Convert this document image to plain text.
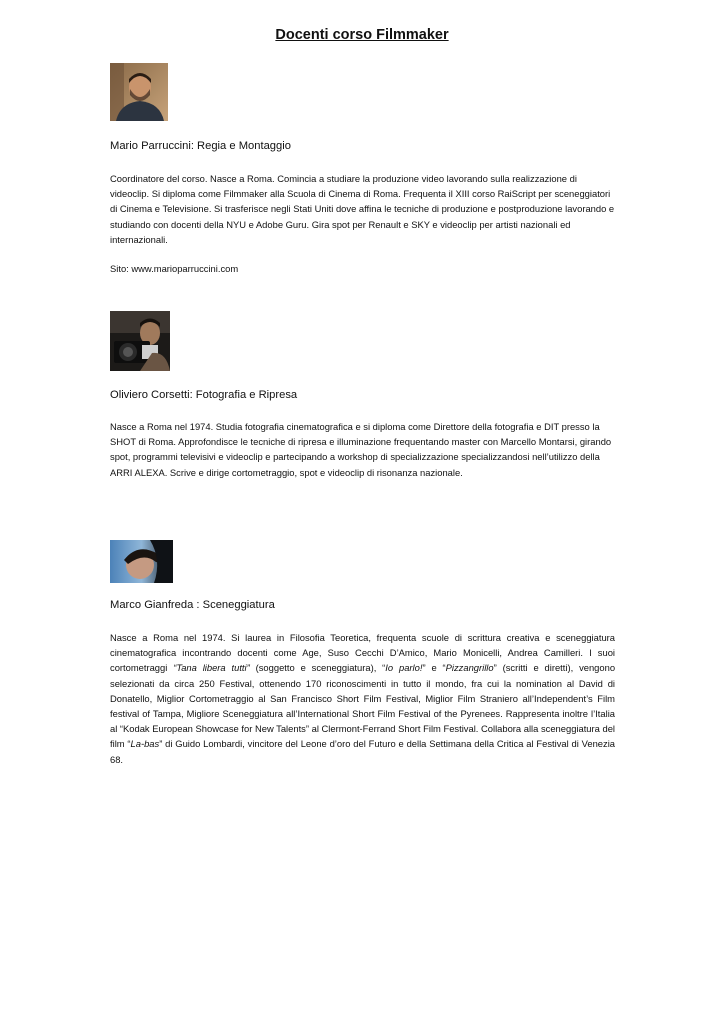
Docenti corso Filmmaker
Mario Parruccini: Regia e Montaggio

Coordinatore del corso. Nasce a Roma. Comincia a studiare la produzione video lavorando sulla realizzazione di videoclip. Si diploma come Filmmaker alla Scuola di Cinema di Roma. Frequenta il XIII corso RaiScript per sceneggiatori di Cinema e Televisione. Si trasferisce negli Stati Uniti dove affina le tecniche di produzione e postproduzione lavorando e studiando con docenti della NYU e Adobe Guru. Gira spot per Renault e SKY e videoclip per artisti nazionali ed internazionali.

Sito: www.marioparruccini.com
Oliviero Corsetti: Fotografia e Ripresa

Nasce a Roma nel 1974. Studia fotografia cinematografica e si diploma come Direttore della fotografia e DIT presso la SHOT di Roma. Approfondisce le tecniche di ripresa e illuminazione frequentando master con Marcello Montarsi, girando spot, programmi televisivi e videoclip e partecipando a workshop di specializzazione specializzandosi nell’utilizzo della ARRI ALEXA. Scrive e dirige cortometraggio, spot e videoclip di risonanza nazionale.

Marco Gianfreda : Sceneggiatura

Nasce a Roma nel 1974. Si laurea in Filosofia Teoretica, frequenta scuole di scrittura creativa e sceneggiatura cinematografica incontrando docenti come Age, Suso Cecchi D’Amico, Mario Monicelli, Andrea Camilleri. I suoi cortometraggi “Tana libera tutti” (soggetto e sceneggiatura), “Io parlo!” e “Pizzangrillo” (scritti e diretti), vengono selezionati da circa 250 Festival, ottenendo 170 riconoscimenti in tutto il mondo, fra cui la nomination al David di Donatello, Miglior Cortometraggio al San Francisco Short Film Festival, Miglior Film Straniero all’Independent’s Film festival of Tampa, Migliore Sceneggiatura all’International Short Film Festival of the Pyrenees. Rappresenta inoltre l’Italia al “Kodak European Showcase for New Talents” al Clermont-Ferrand Short Film Festival. Collabora alla sceneggiatura del film “La-bas” di Guido Lombardi, vincitore del Leone d’oro del Futuro e della Settimana della Critica al Festival di Venezia 68.
